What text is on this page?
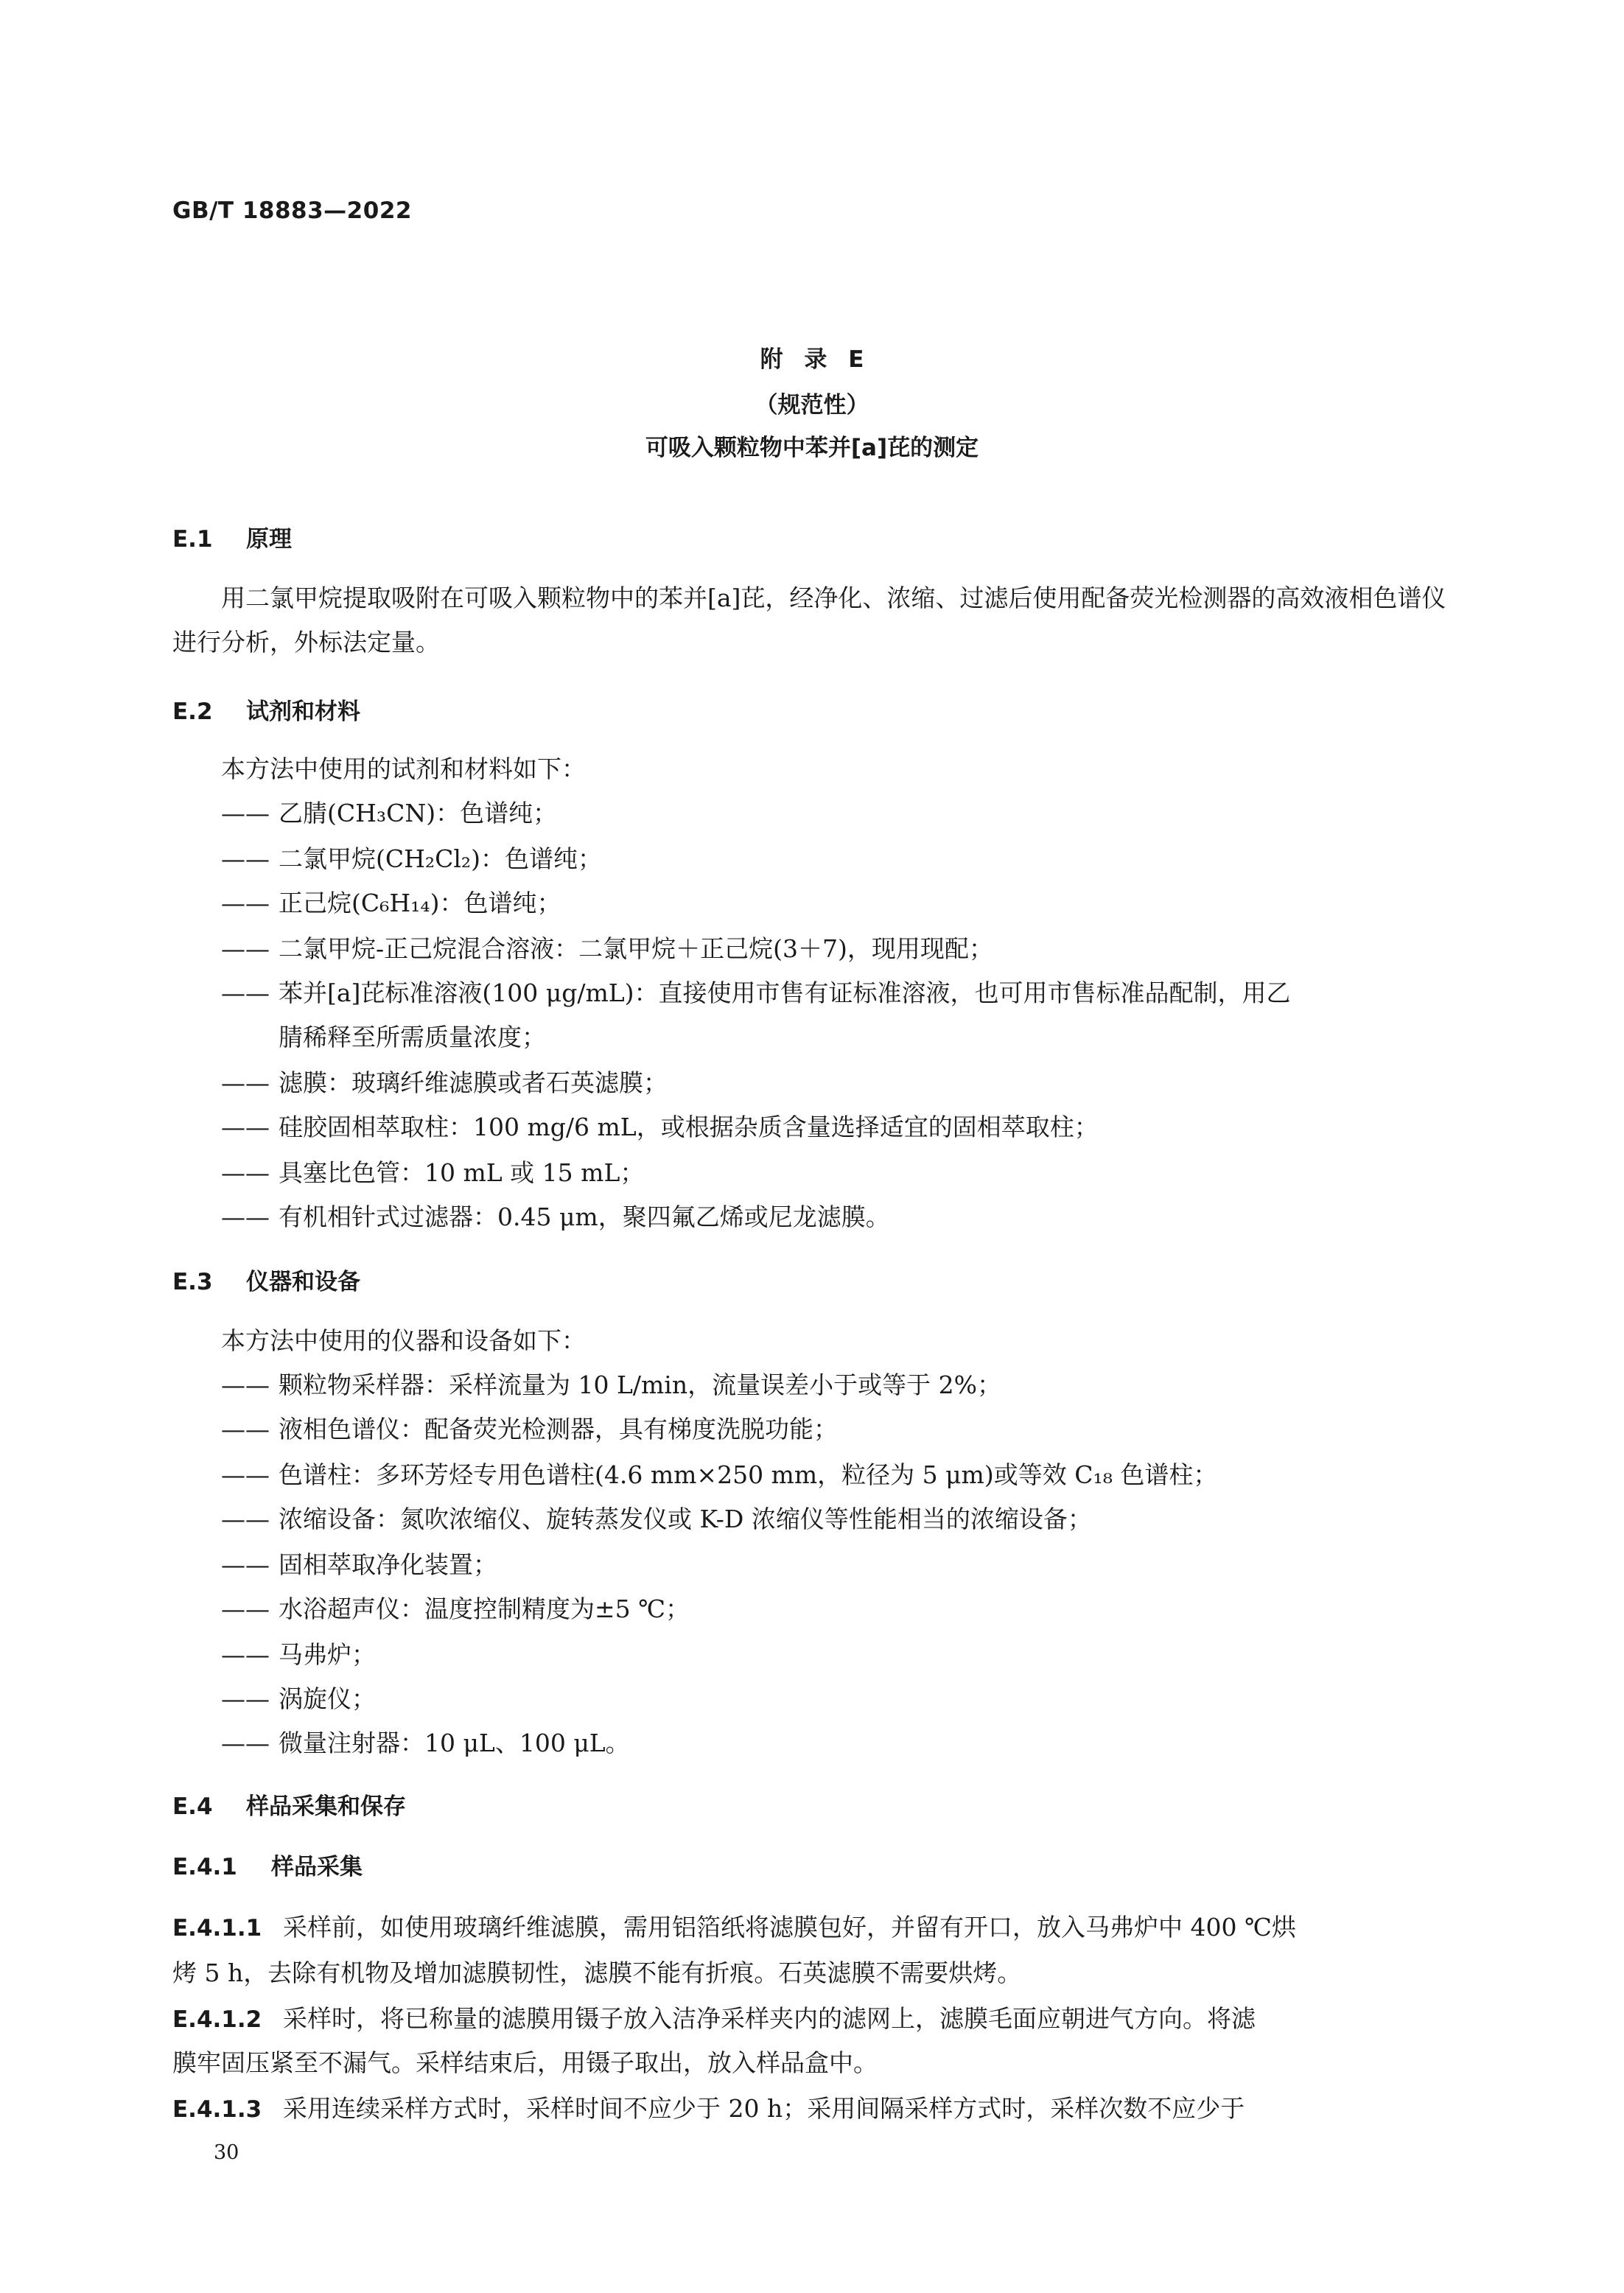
GB/T 18883—2022
附 录 E
（规范性）
可吸入颗粒物中苯并[a]芘的测定
E.1 原理
用二氯甲烷提取吸附在可吸入颗粒物中的苯并[a]芘，经净化、浓缩、过滤后使用配备荧光检测器的高效液相色谱仪进行分析，外标法定量。
E.2 试剂和材料
本方法中使用的试剂和材料如下：
—— 乙腈(CH₃CN)：色谱纯；
—— 二氯甲烷(CH₂Cl₂)：色谱纯；
—— 正己烷(C₆H₁₄)：色谱纯；
—— 二氯甲烷-正己烷混合溶液：二氯甲烷＋正己烷(3＋7)，现用现配；
—— 苯并[a]芘标准溶液(100 μg/mL)：直接使用市售有证标准溶液，也可用市售标准品配制，用乙
腈稀释至所需质量浓度；
—— 滤膜：玻璃纤维滤膜或者石英滤膜；
—— 硅胶固相萃取柱：100 mg/6 mL，或根据杂质含量选择适宜的固相萃取柱；
—— 具塞比色管：10 mL 或 15 mL；
—— 有机相针式过滤器：0.45 μm，聚四氟乙烯或尼龙滤膜。
E.3 仪器和设备
本方法中使用的仪器和设备如下：
—— 颗粒物采样器：采样流量为 10 L/min，流量误差小于或等于 2%；
—— 液相色谱仪：配备荧光检测器，具有梯度洗脱功能；
—— 色谱柱：多环芳烃专用色谱柱(4.6 mm×250 mm，粒径为 5 μm)或等效 C₁₈ 色谱柱；
—— 浓缩设备：氮吹浓缩仪、旋转蒸发仪或 K-D 浓缩仪等性能相当的浓缩设备；
—— 固相萃取净化装置；
—— 水浴超声仪：温度控制精度为±5 ℃；
—— 马弗炉；
—— 涡旋仪；
—— 微量注射器：10 μL、100 μL。
E.4 样品采集和保存
E.4.1 样品采集
E.4.1.1 采样前，如使用玻璃纤维滤膜，需用铝箔纸将滤膜包好，并留有开口，放入马弗炉中 400 ℃烘
烤 5 h，去除有机物及增加滤膜韧性，滤膜不能有折痕。石英滤膜不需要烘烤。
E.4.1.2 采样时，将已称量的滤膜用镊子放入洁净采样夹内的滤网上，滤膜毛面应朝进气方向。将滤
膜牢固压紧至不漏气。采样结束后，用镊子取出，放入样品盒中。
E.4.1.3 采用连续采样方式时，采样时间不应少于 20 h；采用间隔采样方式时，采样次数不应少于
30
